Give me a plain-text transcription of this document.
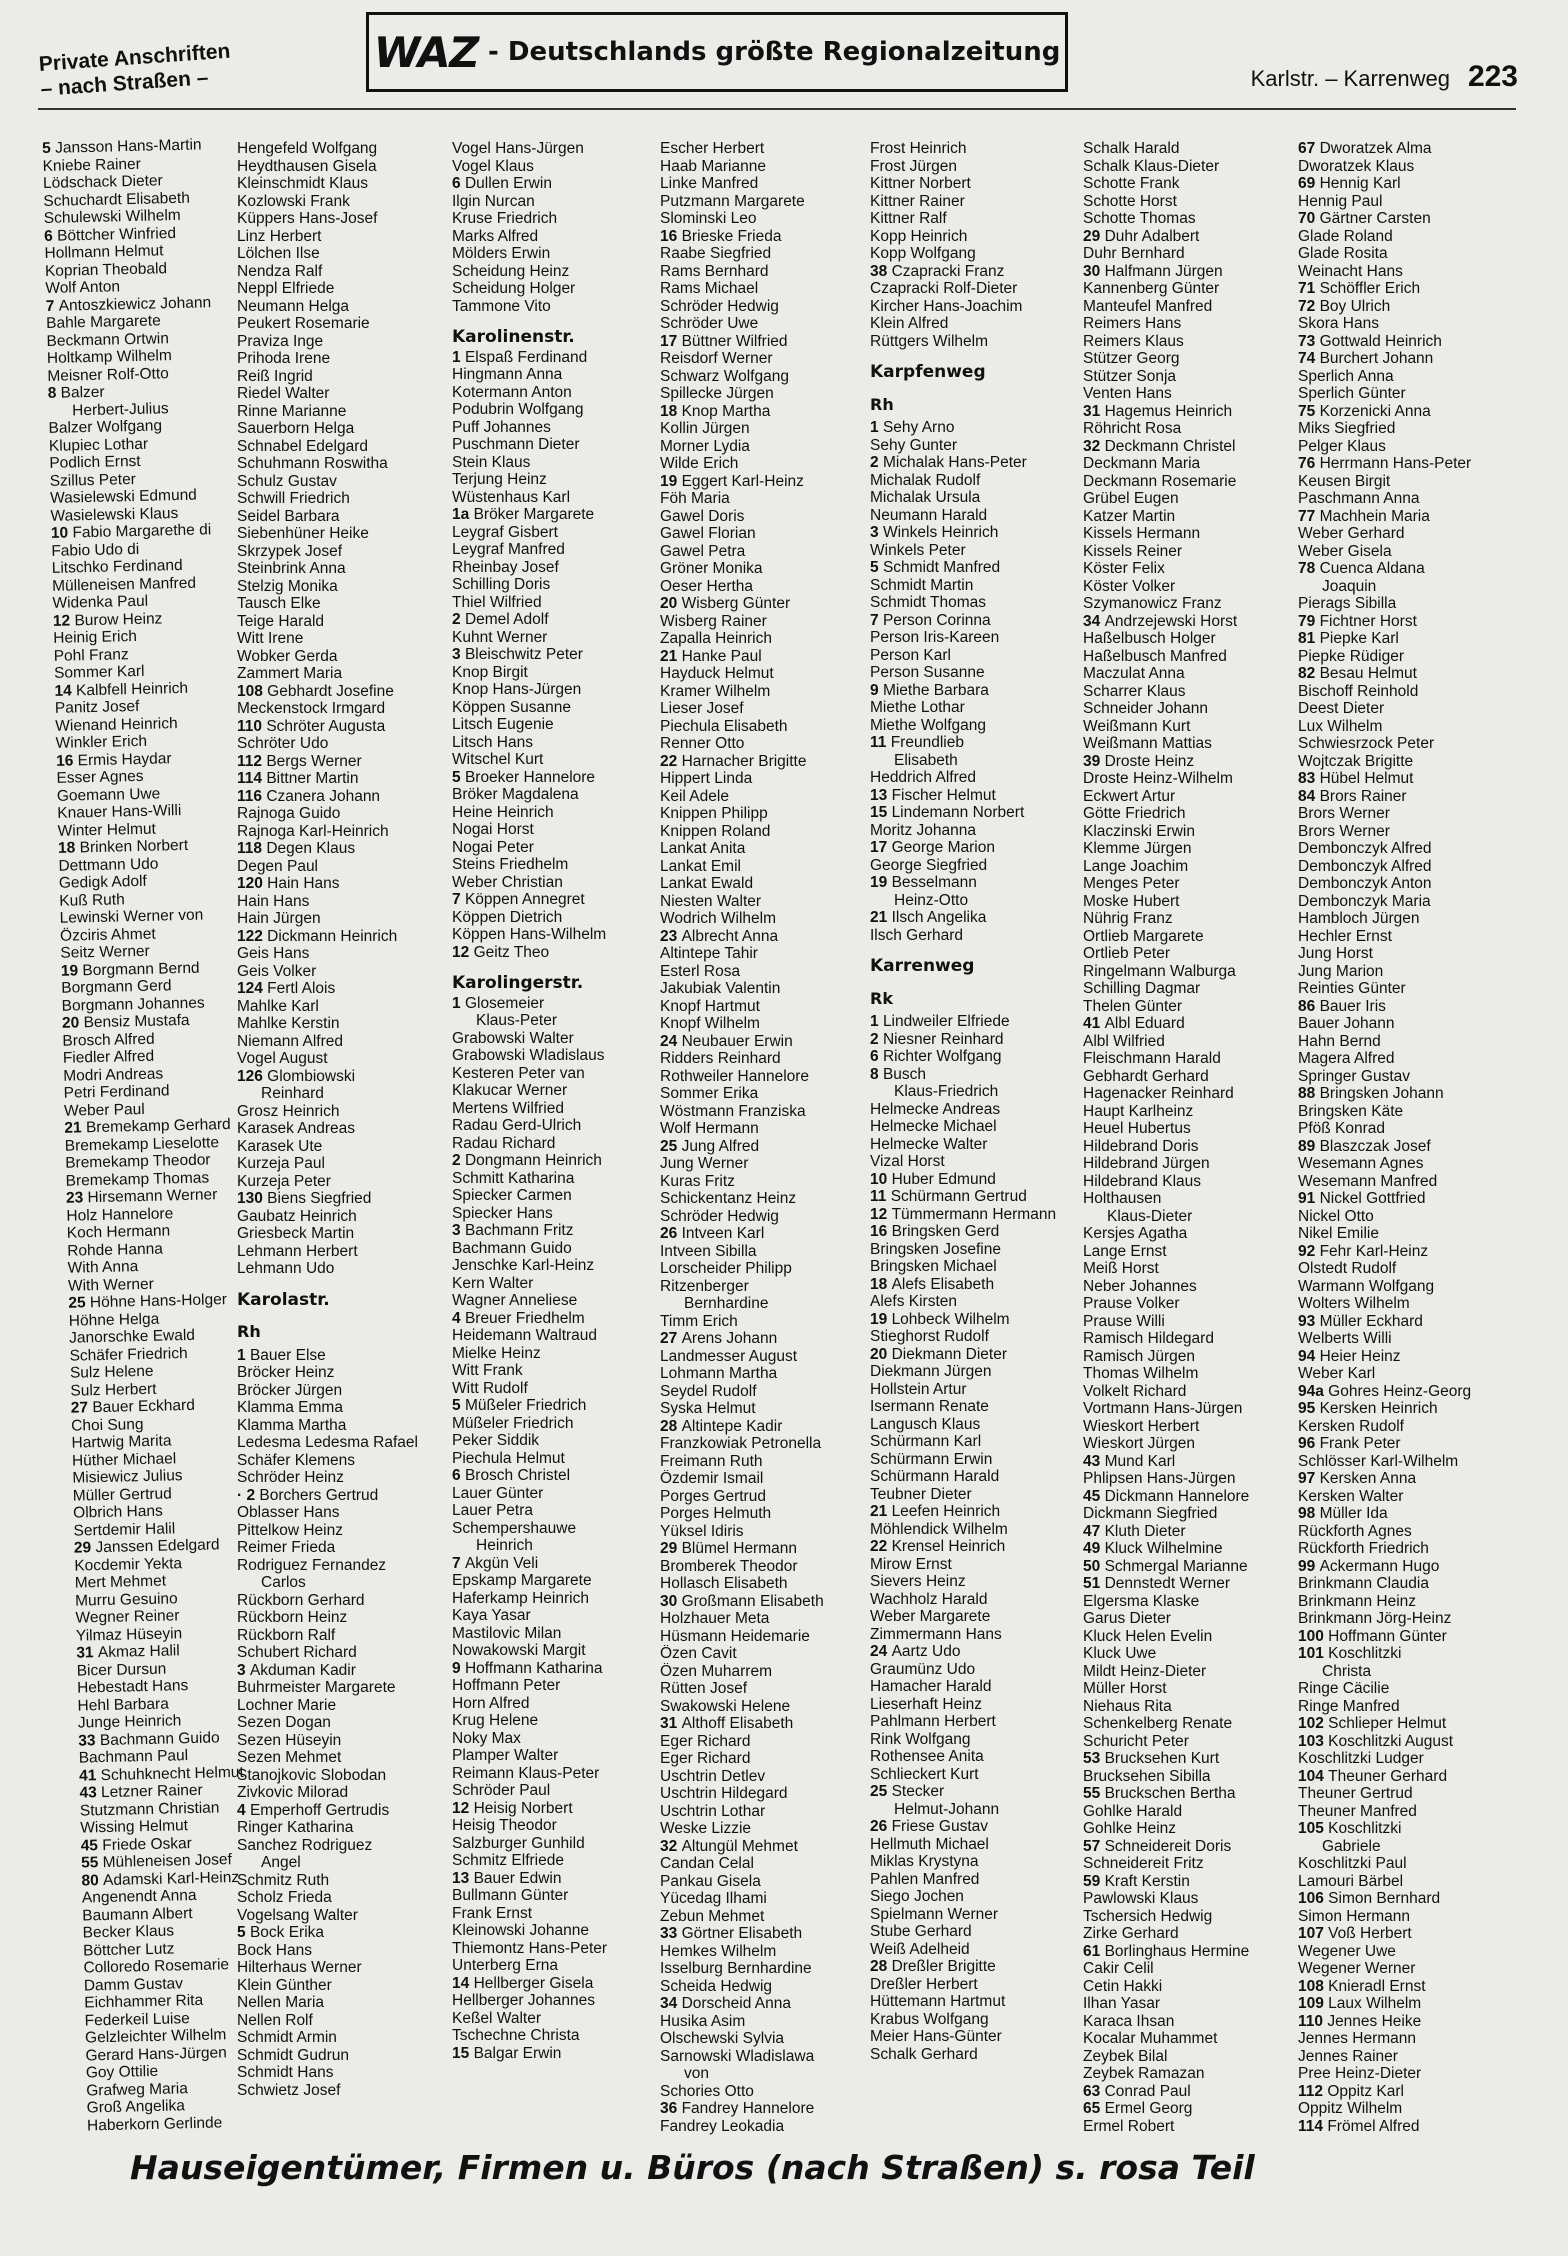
Private Anschriften
– nach Straßen –
WAZ - Deutschlands größte Regionalzeitung
Karlstr. – Karrenweg 223
5 Jansson Hans-Martin
Kniebe Rainer
Lödschack Dieter
Schuchardt Elisabeth
Schulewski Wilhelm
6 Böttcher Winfried
Hollmann Helmut
Koprian Theobald
Wolf Anton
7 Antoszkiewicz Johann
Bahle Margarete
Beckmann Ortwin
Holtkamp Wilhelm
Meisner Rolf-Otto
8 Balzer
Herbert-Julius
Balzer Wolfgang
Klupiec Lothar
Podlich Ernst
Szillus Peter
Wasielewski Edmund
Wasielewski Klaus
10 Fabio Margarethe di
Fabio Udo di
Litschko Ferdinand
Mülleneisen Manfred
Widenka Paul
12 Burow Heinz
Heinig Erich
Pohl Franz
Sommer Karl
14 Kalbfell Heinrich
Panitz Josef
Wienand Heinrich
Winkler Erich
16 Ermis Haydar
Esser Agnes
Goemann Uwe
Knauer Hans-Willi
Winter Helmut
18 Brinken Norbert
Dettmann Udo
Gedigk Adolf
Kuß Ruth
Lewinski Werner von
Özciris Ahmet
Seitz Werner
19 Borgmann Bernd
Borgmann Gerd
Borgmann Johannes
20 Bensiz Mustafa
Brosch Alfred
Fiedler Alfred
Modri Andreas
Petri Ferdinand
Weber Paul
21 Bremekamp Gerhard
Bremekamp Lieselotte
Bremekamp Theodor
Bremekamp Thomas
23 Hirsemann Werner
Holz Hannelore
Koch Hermann
Rohde Hanna
With Anna
With Werner
25 Höhne Hans-Holger
Höhne Helga
Janorschke Ewald
Schäfer Friedrich
Sulz Helene
Sulz Herbert
27 Bauer Eckhard
Choi Sung
Hartwig Marita
Hüther Michael
Misiewicz Julius
Müller Gertrud
Olbrich Hans
Sertdemir Halil
29 Janssen Edelgard
Kocdemir Yekta
Mert Mehmet
Murru Gesuino
Wegner Reiner
Yilmaz Hüseyin
31 Akmaz Halil
Bicer Dursun
Hebestadt Hans
Hehl Barbara
Junge Heinrich
33 Bachmann Guido
Bachmann Paul
41 Schuhknecht Helmut
43 Letzner Rainer
Stutzmann Christian
Wissing Helmut
45 Friede Oskar
55 Mühleneisen Josef
80 Adamski Karl-Heinz
Angenendt Anna
Baumann Albert
Becker Klaus
Böttcher Lutz
Colloredo Rosemarie
Damm Gustav
Eichhammer Rita
Federkeil Luise
Gelzleichter Wilhelm
Gerard Hans-Jürgen
Goy Ottilie
Grafweg Maria
Groß Angelika
Haberkorn Gerlinde
Hengefeld Wolfgang
Heydthausen Gisela
Kleinschmidt Klaus
Kozlowski Frank
Küppers Hans-Josef
Linz Herbert
Lölchen Ilse
Nendza Ralf
Neppl Elfriede
Neumann Helga
Peukert Rosemarie
Praviza Inge
Prihoda Irene
Reiß Ingrid
Riedel Walter
Rinne Marianne
Sauerborn Helga
Schnabel Edelgard
Schuhmann Roswitha
Schulz Gustav
Schwill Friedrich
Seidel Barbara
Siebenhüner Heike
Skrzypek Josef
Steinbrink Anna
Stelzig Monika
Tausch Elke
Teige Harald
Witt Irene
Wobker Gerda
Zammert Maria
108 Gebhardt Josefine
Meckenstock Irmgard
110 Schröter Augusta
Schröter Udo
112 Bergs Werner
114 Bittner Martin
116 Czanera Johann
Rajnoga Guido
Rajnoga Karl-Heinrich
118 Degen Klaus
Degen Paul
120 Hain Hans
Hain Hans
Hain Jürgen
122 Dickmann Heinrich
Geis Hans
Geis Volker
124 Fertl Alois
Mahlke Karl
Mahlke Kerstin
Niemann Alfred
Vogel August
126 Glombiowski
Reinhard
Grosz Heinrich
Karasek Andreas
Karasek Ute
Kurzeja Paul
Kurzeja Peter
130 Biens Siegfried
Gaubatz Heinrich
Griesbeck Martin
Lehmann Herbert
Lehmann Udo
Karolastr.
Rh
1 Bauer Else
Bröcker Heinz
Bröcker Jürgen
Klamma Emma
Klamma Martha
Ledesma Ledesma Rafael
Schäfer Klemens
Schröder Heinz
· 2 Borchers Gertrud
Oblasser Hans
Pittelkow Heinz
Reimer Frieda
Rodriguez Fernandez
Carlos
Rückborn Gerhard
Rückborn Heinz
Rückborn Ralf
Schubert Richard
3 Akduman Kadir
Buhrmeister Margarete
Lochner Marie
Sezen Dogan
Sezen Hüseyin
Sezen Mehmet
Stanojkovic Slobodan
Zivkovic Milorad
4 Emperhoff Gertrudis
Ringer Katharina
Sanchez Rodriguez
Angel
Schmitz Ruth
Scholz Frieda
Vogelsang Walter
5 Bock Erika
Bock Hans
Hilterhaus Werner
Klein Günther
Nellen Maria
Nellen Rolf
Schmidt Armin
Schmidt Gudrun
Schmidt Hans
Schwietz Josef
Vogel Hans-Jürgen
Vogel Klaus
6 Dullen Erwin
Ilgin Nurcan
Kruse Friedrich
Marks Alfred
Mölders Erwin
Scheidung Heinz
Scheidung Holger
Tammone Vito
Karolinenstr.
1 Elspaß Ferdinand
Hingmann Anna
Kotermann Anton
Podubrin Wolfgang
Puff Johannes
Puschmann Dieter
Stein Klaus
Terjung Heinz
Wüstenhaus Karl
1a Bröker Margarete
Leygraf Gisbert
Leygraf Manfred
Rheinbay Josef
Schilling Doris
Thiel Wilfried
2 Demel Adolf
Kuhnt Werner
3 Bleischwitz Peter
Knop Birgit
Knop Hans-Jürgen
Köppen Susanne
Litsch Eugenie
Litsch Hans
Witschel Kurt
5 Broeker Hannelore
Bröker Magdalena
Heine Heinrich
Nogai Horst
Nogai Peter
Steins Friedhelm
Weber Christian
7 Köppen Annegret
Köppen Dietrich
Köppen Hans-Wilhelm
12 Geitz Theo
Karolingerstr.
1 Glosemeier
Klaus-Peter
Grabowski Walter
Grabowski Wladislaus
Kesteren Peter van
Klakucar Werner
Mertens Wilfried
Radau Gerd-Ulrich
Radau Richard
2 Dongmann Heinrich
Schmitt Katharina
Spiecker Carmen
Spiecker Hans
3 Bachmann Fritz
Bachmann Guido
Jenschke Karl-Heinz
Kern Walter
Wagner Anneliese
4 Breuer Friedhelm
Heidemann Waltraud
Mielke Heinz
Witt Frank
Witt Rudolf
5 Müßeler Friedrich
Müßeler Friedrich
Peker Siddik
Piechula Helmut
6 Brosch Christel
Lauer Günter
Lauer Petra
Schempershauwe
Heinrich
7 Akgün Veli
Epskamp Margarete
Haferkamp Heinrich
Kaya Yasar
Mastilovic Milan
Nowakowski Margit
9 Hoffmann Katharina
Hoffmann Peter
Horn Alfred
Krug Helene
Noky Max
Plamper Walter
Reimann Klaus-Peter
Schröder Paul
12 Heisig Norbert
Heisig Theodor
Salzburger Gunhild
Schmitz Elfriede
13 Bauer Edwin
Bullmann Günter
Frank Ernst
Kleinowski Johanne
Thiemontz Hans-Peter
Unterberg Erna
14 Hellberger Gisela
Hellberger Johannes
Keßel Walter
Tschechne Christa
15 Balgar Erwin
Escher Herbert
Haab Marianne
Linke Manfred
Putzmann Margarete
Slominski Leo
16 Brieske Frieda
Raabe Siegfried
Rams Bernhard
Rams Michael
Schröder Hedwig
Schröder Uwe
17 Büttner Wilfried
Reisdorf Werner
Schwarz Wolfgang
Spillecke Jürgen
18 Knop Martha
Kollin Jürgen
Morner Lydia
Wilde Erich
19 Eggert Karl-Heinz
Föh Maria
Gawel Doris
Gawel Florian
Gawel Petra
Gröner Monika
Oeser Hertha
20 Wisberg Günter
Wisberg Rainer
Zapalla Heinrich
21 Hanke Paul
Hayduck Helmut
Kramer Wilhelm
Lieser Josef
Piechula Elisabeth
Renner Otto
22 Harnacher Brigitte
Hippert Linda
Keil Adele
Knippen Philipp
Knippen Roland
Lankat Anita
Lankat Emil
Lankat Ewald
Niesten Walter
Wodrich Wilhelm
23 Albrecht Anna
Altintepe Tahir
Esterl Rosa
Jakubiak Valentin
Knopf Hartmut
Knopf Wilhelm
24 Neubauer Erwin
Ridders Reinhard
Rothweiler Hannelore
Sommer Erika
Wöstmann Franziska
Wolf Hermann
25 Jung Alfred
Jung Werner
Kuras Fritz
Schickentanz Heinz
Schröder Hedwig
26 Intveen Karl
Intveen Sibilla
Lorscheider Philipp
Ritzenberger
Bernhardine
Timm Erich
27 Arens Johann
Landmesser August
Lohmann Martha
Seydel Rudolf
Syska Helmut
28 Altintepe Kadir
Franzkowiak Petronella
Freimann Ruth
Özdemir Ismail
Porges Gertrud
Porges Helmuth
Yüksel Idiris
29 Blümel Hermann
Bromberek Theodor
Hollasch Elisabeth
30 Großmann Elisabeth
Holzhauer Meta
Hüsmann Heidemarie
Özen Cavit
Özen Muharrem
Rütten Josef
Swakowski Helene
31 Althoff Elisabeth
Eger Richard
Eger Richard
Uschtrin Detlev
Uschtrin Hildegard
Uschtrin Lothar
Weske Lizzie
32 Altungül Mehmet
Candan Celal
Pankau Gisela
Yücedag Ilhami
Zebun Mehmet
33 Görtner Elisabeth
Hemkes Wilhelm
Isselburg Bernhardine
Scheida Hedwig
34 Dorscheid Anna
Husika Asim
Olschewski Sylvia
Sarnowski Wladislawa
von
Schories Otto
36 Fandrey Hannelore
Fandrey Leokadia
Frost Heinrich
Frost Jürgen
Kittner Norbert
Kittner Rainer
Kittner Ralf
Kopp Heinrich
Kopp Wolfgang
38 Czapracki Franz
Czapracki Rolf-Dieter
Kircher Hans-Joachim
Klein Alfred
Rüttgers Wilhelm
Karpfenweg
Rh
1 Sehy Arno
Sehy Gunter
2 Michalak Hans-Peter
Michalak Rudolf
Michalak Ursula
Neumann Harald
3 Winkels Heinrich
Winkels Peter
5 Schmidt Manfred
Schmidt Martin
Schmidt Thomas
7 Person Corinna
Person Iris-Kareen
Person Karl
Person Susanne
9 Miethe Barbara
Miethe Lothar
Miethe Wolfgang
11 Freundlieb
Elisabeth
Heddrich Alfred
13 Fischer Helmut
15 Lindemann Norbert
Moritz Johanna
17 George Marion
George Siegfried
19 Besselmann
Heinz-Otto
21 Ilsch Angelika
Ilsch Gerhard
Karrenweg
Rk
1 Lindweiler Elfriede
2 Niesner Reinhard
6 Richter Wolfgang
8 Busch
Klaus-Friedrich
Helmecke Andreas
Helmecke Michael
Helmecke Walter
Vizal Horst
10 Huber Edmund
11 Schürmann Gertrud
12 Tümmermann Hermann
16 Bringsken Gerd
Bringsken Josefine
Bringsken Michael
18 Alefs Elisabeth
Alefs Kirsten
19 Lohbeck Wilhelm
Stieghorst Rudolf
20 Diekmann Dieter
Diekmann Jürgen
Hollstein Artur
Isermann Renate
Langusch Klaus
Schürmann Karl
Schürmann Erwin
Schürmann Harald
Teubner Dieter
21 Leefen Heinrich
Möhlendick Wilhelm
22 Krensel Heinrich
Mirow Ernst
Sievers Heinz
Wachholz Harald
Weber Margarete
Zimmermann Hans
24 Aartz Udo
Graumünz Udo
Hamacher Harald
Lieserhaft Heinz
Pahlmann Herbert
Rink Wolfgang
Rothensee Anita
Schlieckert Kurt
25 Stecker
Helmut-Johann
26 Friese Gustav
Hellmuth Michael
Miklas Krystyna
Pahlen Manfred
Siego Jochen
Spielmann Werner
Stube Gerhard
Weiß Adelheid
28 Dreßler Brigitte
Dreßler Herbert
Hüttemann Hartmut
Krabus Wolfgang
Meier Hans-Günter
Schalk Gerhard
Schalk Harald
Schalk Klaus-Dieter
Schotte Frank
Schotte Horst
Schotte Thomas
29 Duhr Adalbert
Duhr Bernhard
30 Halfmann Jürgen
Kannenberg Günter
Manteufel Manfred
Reimers Hans
Reimers Klaus
Stützer Georg
Stützer Sonja
Venten Hans
31 Hagemus Heinrich
Röhricht Rosa
32 Deckmann Christel
Deckmann Maria
Deckmann Rosemarie
Grübel Eugen
Katzer Martin
Kissels Hermann
Kissels Reiner
Köster Felix
Köster Volker
Szymanowicz Franz
34 Andrzejewski Horst
Haßelbusch Holger
Haßelbusch Manfred
Maczulat Anna
Scharrer Klaus
Schneider Johann
Weißmann Kurt
Weißmann Mattias
39 Droste Heinz
Droste Heinz-Wilhelm
Eckwert Artur
Götte Friedrich
Klaczinski Erwin
Klemme Jürgen
Lange Joachim
Menges Peter
Moske Hubert
Nührig Franz
Ortlieb Margarete
Ortlieb Peter
Ringelmann Walburga
Schilling Dagmar
Thelen Günter
41 Albl Eduard
Albl Wilfried
Fleischmann Harald
Gebhardt Gerhard
Hagenacker Reinhard
Haupt Karlheinz
Heuel Hubertus
Hildebrand Doris
Hildebrand Jürgen
Hildebrand Klaus
Holthausen
Klaus-Dieter
Kersjes Agatha
Lange Ernst
Meiß Horst
Neber Johannes
Prause Volker
Prause Willi
Ramisch Hildegard
Ramisch Jürgen
Thomas Wilhelm
Volkelt Richard
Vortmann Hans-Jürgen
Wieskort Herbert
Wieskort Jürgen
43 Mund Karl
Phlipsen Hans-Jürgen
45 Dickmann Hannelore
Dickmann Siegfried
47 Kluth Dieter
49 Kluck Wilhelmine
50 Schmergal Marianne
51 Dennstedt Werner
Elgersma Klaske
Garus Dieter
Kluck Helen Evelin
Kluck Uwe
Mildt Heinz-Dieter
Müller Horst
Niehaus Rita
Schenkelberg Renate
Schuricht Peter
53 Brucksehen Kurt
Brucksehen Sibilla
55 Bruckschen Bertha
Gohlke Harald
Gohlke Heinz
57 Schneidereit Doris
Schneidereit Fritz
59 Kraft Kerstin
Pawlowski Klaus
Tschersich Hedwig
Zirke Gerhard
61 Borlinghaus Hermine
Cakir Celil
Cetin Hakki
Ilhan Yasar
Karaca Ihsan
Kocalar Muhammet
Zeybek Bilal
Zeybek Ramazan
63 Conrad Paul
65 Ermel Georg
Ermel Robert
67 Dworatzek Alma
Dworatzek Klaus
69 Hennig Karl
Hennig Paul
70 Gärtner Carsten
Glade Roland
Glade Rosita
Weinacht Hans
71 Schöffler Erich
72 Boy Ulrich
Skora Hans
73 Gottwald Heinrich
74 Burchert Johann
Sperlich Anna
Sperlich Günter
75 Korzenicki Anna
Miks Siegfried
Pelger Klaus
76 Herrmann Hans-Peter
Keusen Birgit
Paschmann Anna
77 Machhein Maria
Weber Gerhard
Weber Gisela
78 Cuenca Aldana
Joaquin
Pierags Sibilla
79 Fichtner Horst
81 Piepke Karl
Piepke Rüdiger
82 Besau Helmut
Bischoff Reinhold
Deest Dieter
Lux Wilhelm
Schwiesrzock Peter
Wojtczak Brigitte
83 Hübel Helmut
84 Brors Rainer
Brors Werner
Brors Werner
Dembonczyk Alfred
Dembonczyk Alfred
Dembonczyk Anton
Dembonczyk Maria
Hambloch Jürgen
Hechler Ernst
Jung Horst
Jung Marion
Reinties Günter
86 Bauer Iris
Bauer Johann
Hahn Bernd
Magera Alfred
Springer Gustav
88 Bringsken Johann
Bringsken Käte
Pföß Konrad
89 Blaszczak Josef
Wesemann Agnes
Wesemann Manfred
91 Nickel Gottfried
Nickel Otto
Nikel Emilie
92 Fehr Karl-Heinz
Olstedt Rudolf
Warmann Wolfgang
Wolters Wilhelm
93 Müller Eckhard
Welberts Willi
94 Heier Heinz
Weber Karl
94a Gohres Heinz-Georg
95 Kersken Heinrich
Kersken Rudolf
96 Frank Peter
Schlösser Karl-Wilhelm
97 Kersken Anna
Kersken Walter
98 Müller Ida
Rückforth Agnes
Rückforth Friedrich
99 Ackermann Hugo
Brinkmann Claudia
Brinkmann Heinz
Brinkmann Jörg-Heinz
100 Hoffmann Günter
101 Koschlitzki
Christa
Ringe Cäcilie
Ringe Manfred
102 Schlieper Helmut
103 Koschlitzki August
Koschlitzki Ludger
104 Theuner Gerhard
Theuner Gertrud
Theuner Manfred
105 Koschlitzki
Gabriele
Koschlitzki Paul
Lamouri Bärbel
106 Simon Bernhard
Simon Hermann
107 Voß Herbert
Wegener Uwe
Wegener Werner
108 Knieradl Ernst
109 Laux Wilhelm
110 Jennes Heike
Jennes Hermann
Jennes Rainer
Pree Heinz-Dieter
112 Oppitz Karl
Oppitz Wilhelm
114 Frömel Alfred
Hauseigentümer, Firmen u. Büros (nach Straßen) s. rosa Teil
